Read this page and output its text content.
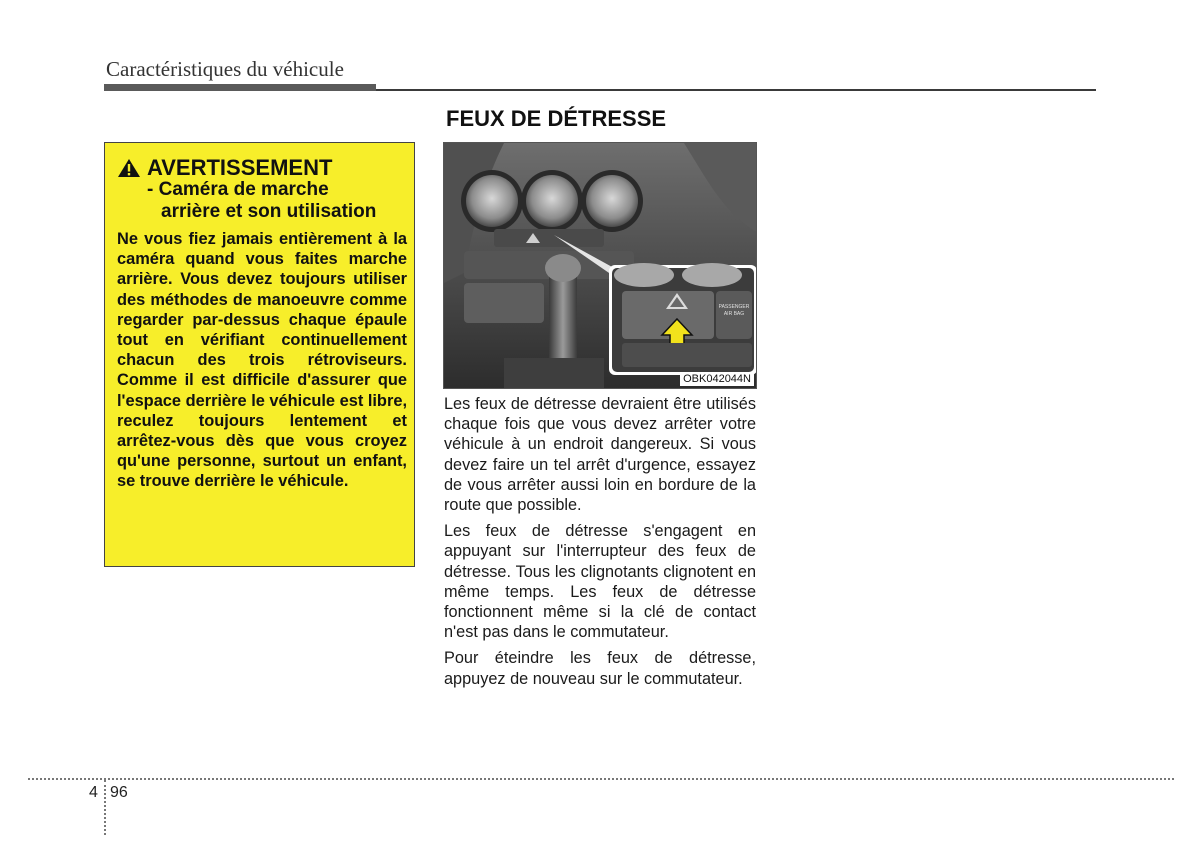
Caractéristiques du véhicule
AVERTISSEMENT
- Caméra de marche
arrière et son utilisation
Ne vous fiez jamais entièrement à la caméra quand vous faites marche arrière. Vous devez toujours utiliser des méthodes de manoeuvre comme regarder par-dessus chaque épaule tout en vérifiant continuellement chacun des trois rétroviseurs. Comme il est difficile d'assurer que l'espace derrière le véhicule est libre, reculez toujours lentement et arrêtez-vous dès que vous croyez qu'une personne, surtout un enfant, se trouve derrière le véhicule.
FEUX DE DÉTRESSE
PASSENGER
AIR BAG
OBK042044N

Les feux de détresse devraient être utilisés chaque fois que vous devez arrêter votre véhicule à un endroit dangereux. Si vous devez faire un tel arrêt d'urgence, essayez de vous arrêter aussi loin en bordure de la route que possible.

Les feux de détresse s'engagent en appuyant sur l'interrupteur des feux de détresse. Tous les clignotants clignotent en même temps. Les feux de détresse fonctionnent même si la clé de contact n'est pas dans le commutateur.

Pour éteindre les feux de détresse, appuyez de nouveau sur le commutateur.

4 96
